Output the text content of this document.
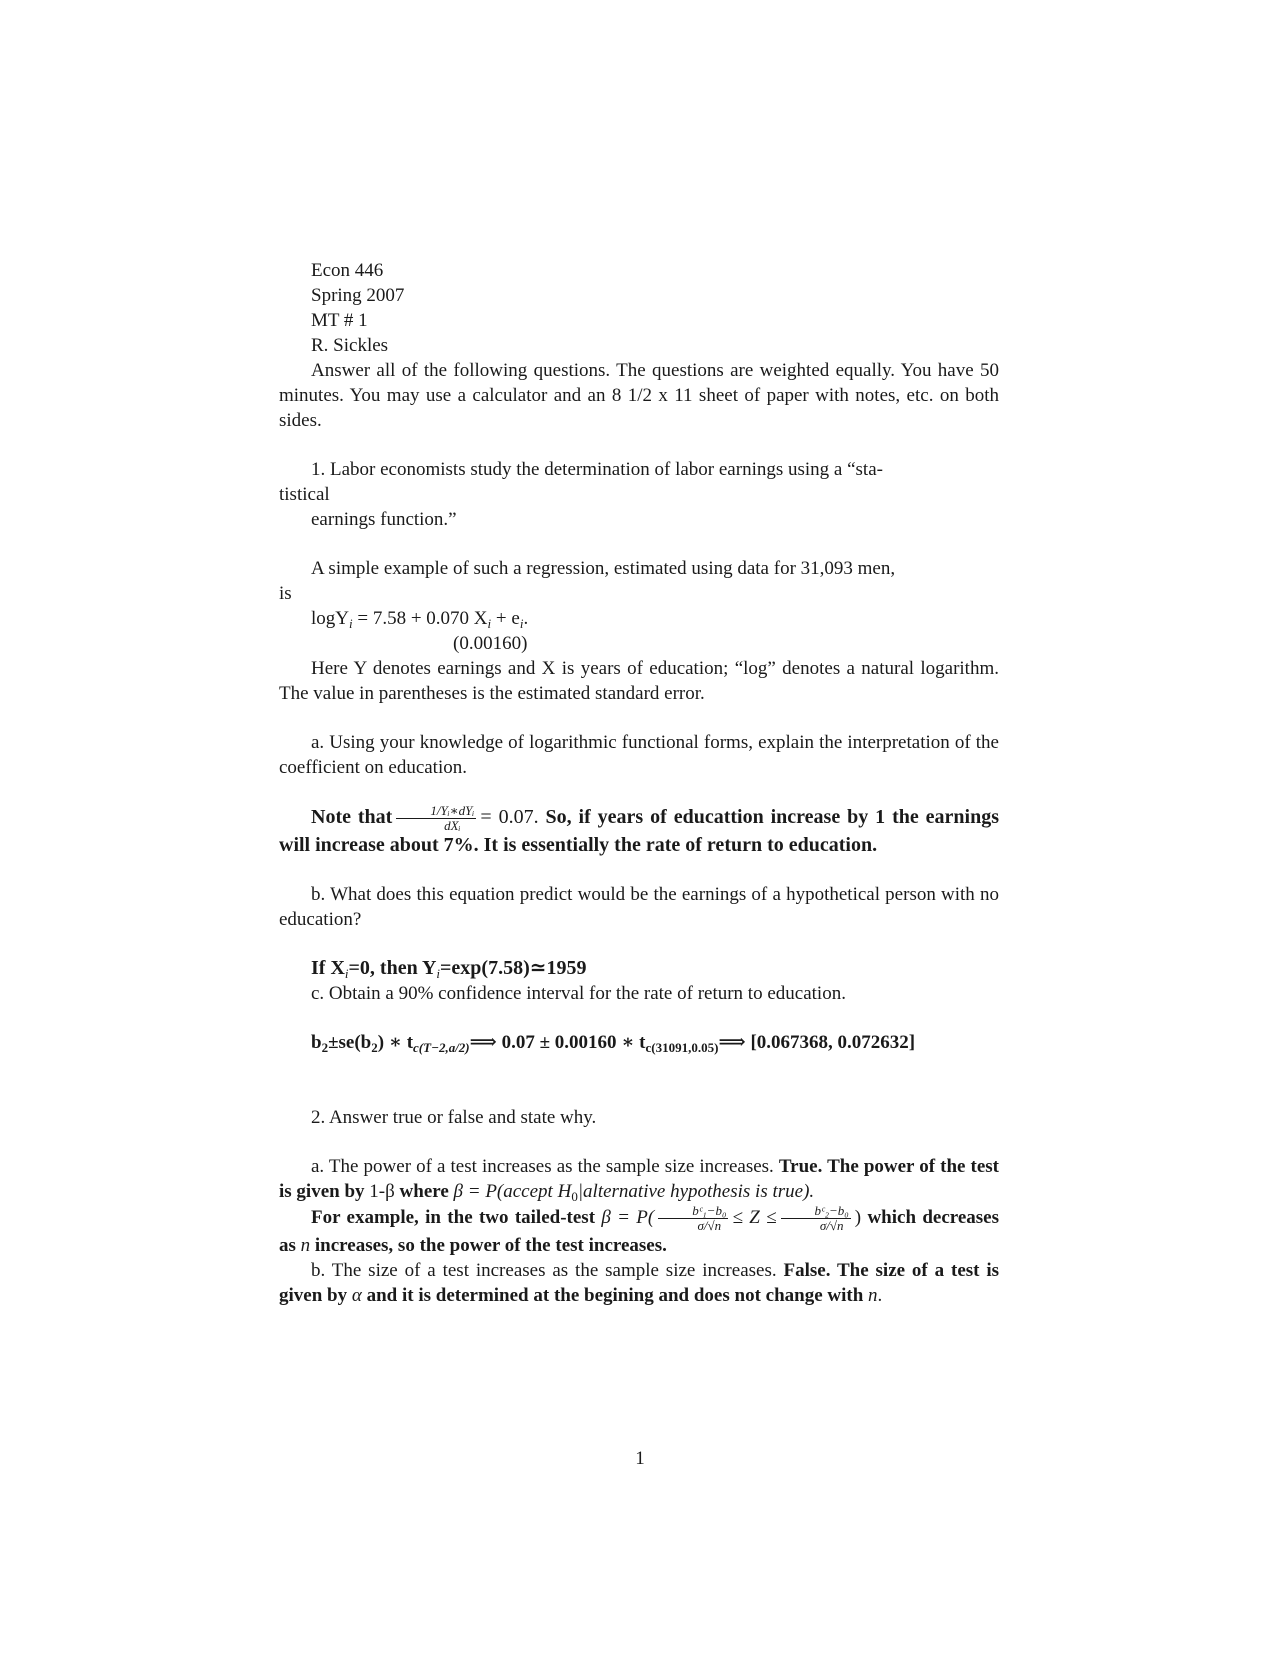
Econ 446
Spring 2007
MT # 1
R. Sickles
Answer all of the following questions. The questions are weighted equally. You have 50 minutes. You may use a calculator and an 8 1/2 x 11 sheet of paper with notes, etc. on both sides.
1. Labor economists study the determination of labor earnings using a “sta-
tistical
earnings function.”
A simple example of such a regression, estimated using data for 31,093 men,
is
logY$_i$ = 7.58 + 0.070 $X_i + e_i$.
(0.00160)
Here Y denotes earnings and X is years of education; “log” denotes a natural logarithm. The value in parentheses is the estimated standard error.
a. Using your knowledge of logarithmic functional forms, explain the interpretation of the coefficient on education.
Note that $\frac{\text{1/Yᵢ∗dYᵢ}}{\text{dXᵢ}} = 0.07$. So, if years of educattion increase by 1 the earnings will increase about 7%. It is essentially the rate of return to education.
b. What does this equation predict would be the earnings of a hypothetical person with no education?
If $X_i=0$, then $Y_i=\exp(7.58)≃1959$
c. Obtain a 90% confidence interval for the rate of return to education.
$b_2\pm se(b_2)$ ∗ $t_{c(T-2,a/2)}⟹$ 0.07 ± 0.00160 ∗ $t_{c(31091,0.05)}⟹$ [0.067368, 0.072632]
2. Answer true or false and state why.
a. The power of a test increases as the sample size increases. True. The power of the test is given by 1-β where β = P(accept $H_0|alternative$ hypothesis is true).
For example, in the two tailed-test $\beta = P( \frac{\text{bᶜ₁−b₀}}{\sigma/√n} \le Z \le \frac{\text{bᶜ₂−b₀}}{\sigma/√n}$ ) which decreases as n increases, so the power of the test increases.
b. The size of a test increases as the sample size increases. False. The size of a test is given by α and it is determined at the begining and does not change with n.
1
